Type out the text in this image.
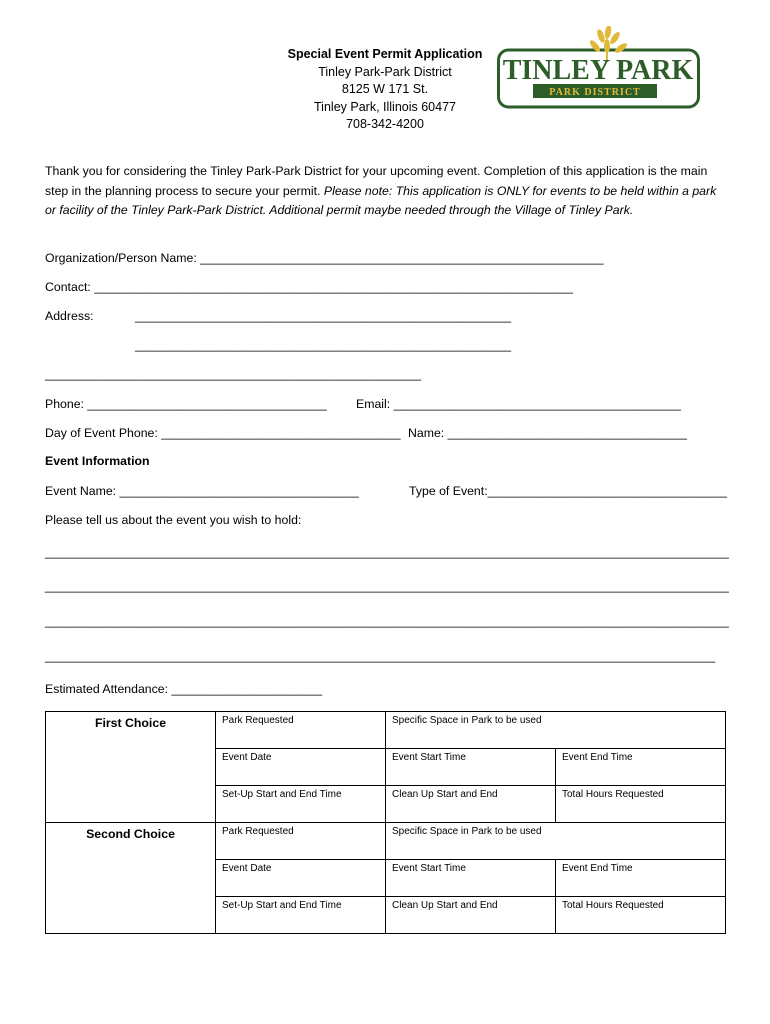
Special Event Permit Application
Tinley Park-Park District
8125 W 171 St.
Tinley Park, Illinois 60477
708-342-4200
TINLEY PARK
PARK DISTRICT
Thank you for considering the Tinley Park-Park District for your upcoming event. Completion of this application is the main step in the planning process to secure your permit. Please note: This application is ONLY for events to be held within a park or facility of the Tinley Park-Park District. Additional permit maybe needed through the Village of Tinley Park.
Organization/Person Name: ___________________________________________________________
Contact: ______________________________________________________________________
Address:	_______________________________________________________
_______________________________________________________
_______________________________________________________
Phone: ___________________________________ Email: __________________________________________
Day of Event Phone: ___________________________________ Name: ___________________________________
Event Information
Event Name: ___________________________________	Type of Event:___________________________________
Please tell us about the event you wish to hold:
____________________________________________________________________________________________________
____________________________________________________________________________________________________
____________________________________________________________________________________________________
__________________________________________________________________________________________________
Estimated Attendance: ______________________
First Choice	Park Requested	Specific Space in Park to be used	
	Event Date	Event Start Time	Event End Time
	Set-Up Start and End Time	Clean Up Start and End	Total Hours Requested
Second Choice	Park Requested	Specific Space in Park to be used	
	Event Date	Event Start Time	Event End Time
	Set-Up Start and End Time	Clean Up Start and End	Total Hours Requested
